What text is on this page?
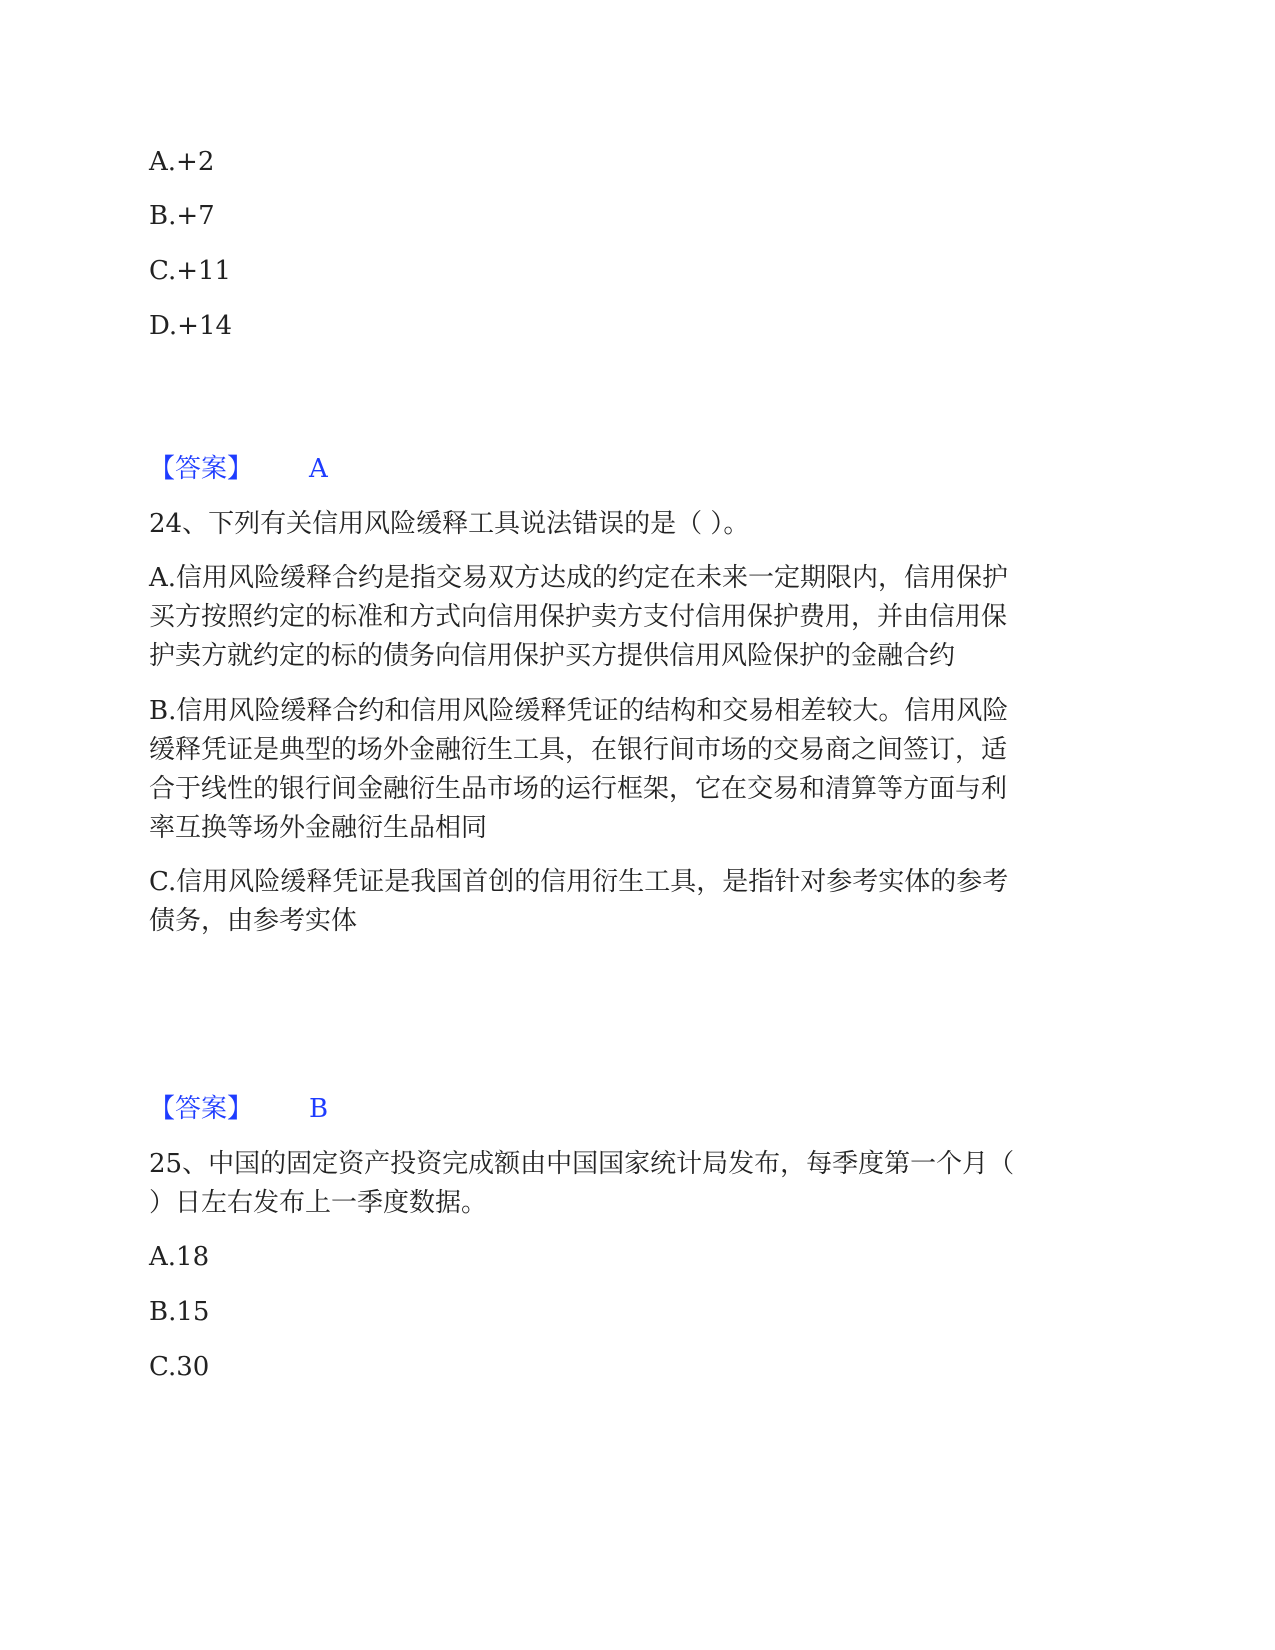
A.+2
B.+7
C.+11
D.+14
【答案】 A
24、下列有关信用风险缓释工具说法错误的是（ ）。
A.信用风险缓释合约是指交易双方达成的约定在未来一定期限内，信用保护
买方按照约定的标准和方式向信用保护卖方支付信用保护费用，并由信用保
护卖方就约定的标的债务向信用保护买方提供信用风险保护的金融合约
B.信用风险缓释合约和信用风险缓释凭证的结构和交易相差较大。信用风险
缓释凭证是典型的场外金融衍生工具，在银行间市场的交易商之间签订，适
合于线性的银行间金融衍生品市场的运行框架，它在交易和清算等方面与利
率互换等场外金融衍生品相同
C.信用风险缓释凭证是我国首创的信用衍生工具，是指针对参考实体的参考
债务，由参考实体
【答案】 B
25、中国的固定资产投资完成额由中国国家统计局发布，每季度第一个月（
）日左右发布上一季度数据。
A.18
B.15
C.30
